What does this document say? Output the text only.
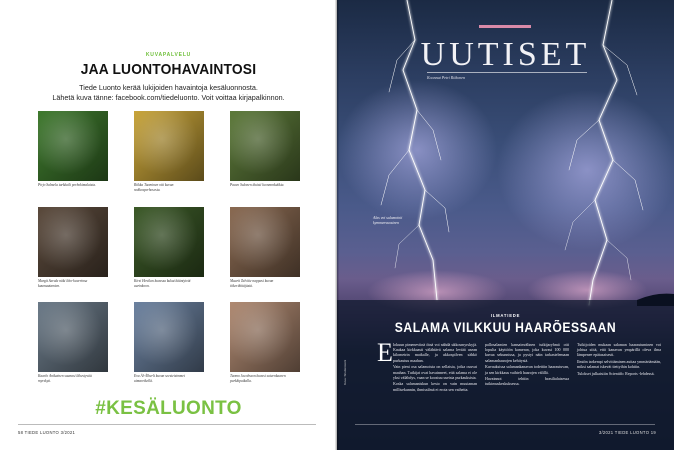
KUVAPALVELU
JAA LUONTOHAVAINTOSI
Tiede Luonto kerää lukijoiden havaintoja kesäluonnosta.
Lähetä kuva tänne: facebook.com/tiedeluonto. Voit voittaa kirjapalkinnon.
Pirjo Salmela tarkkaili perhokimalaista.	Riikka Tuominen otti kuvan nokkosperhosesta.
Paavo Salonen ikuisti luonnonkukkia.
Margit Sarala näki liito-kaverinsa kuumuutamien.
Kirsi Hovilan kuvassa kukat kääntyivät aurinkoon.
Maarit Talvitie nappasi kuvan tiikerikiitäjästä.
Kaarlo Anikainen saunasi lähestyvää myrskyä.
Eva Ål-Ålherlt kuvan seesteisimmet uimaretkellä.
Tuomo Jacobsson kuvasi sateenkaaren parkkipaikalla.
#KESÄLUONTO
58 TIEDE LUONTO 3/2021
UUTISET
Koonnut Petri Riikonen
Alas voi salamointi kymmenvuosinen
Kuva: Shutterstock
ILMATIEDE
SALAMA VILKKUU HAARÕESSAAN
E lokuun pimeneviinä öinä voi nähdä ukkosmyrskyjä. Kaukaa kirkkaasti välähtävä salama leviää usean kilometrin matkalle, ja ukkospilven sähkö purkautuu maahan.

Vain pieni osa salamoista on sellaisia, jotka osuvat maahan. Tutkijat ovat havainneet, että salama ei ole yksi välähdys, vaan se koostuu useista purkauksista.

Koska salamaniskun kesto on vain muutaman millisekunnin, ihmissilmä ei erota sen vaiheita.

pallosalamien kansainvälinen tutkijaryhmä otti lopulta käyttöön kameran, joka kuvasi 100 000 kuvaa sekunnissa, ja pystyi näin tarkastelemaan salamanhaarojen kehitystä.

Kuvauksissa salamankanavan todettiin haarautuvan, ja sen kirkkaus vaihteli haarojen välillä.

Havainnot tehtiin brasilialaisessa tutkimuskeskuksessa.

Tutkijoiden mukaan salaman haarautuminen voi johtua siitä, että kanavan ympärillä oleva ilma lämpenee epätasaisesti.

Ilmiön tarkempi selvittäminen auttaa ymmärtämään, miksi salamat iskevät tiettyihin kohtiin.

Tulokset julkaistiin Scientific Reports -lehdessä.

3/2021 TIEDE LUONTO 19
